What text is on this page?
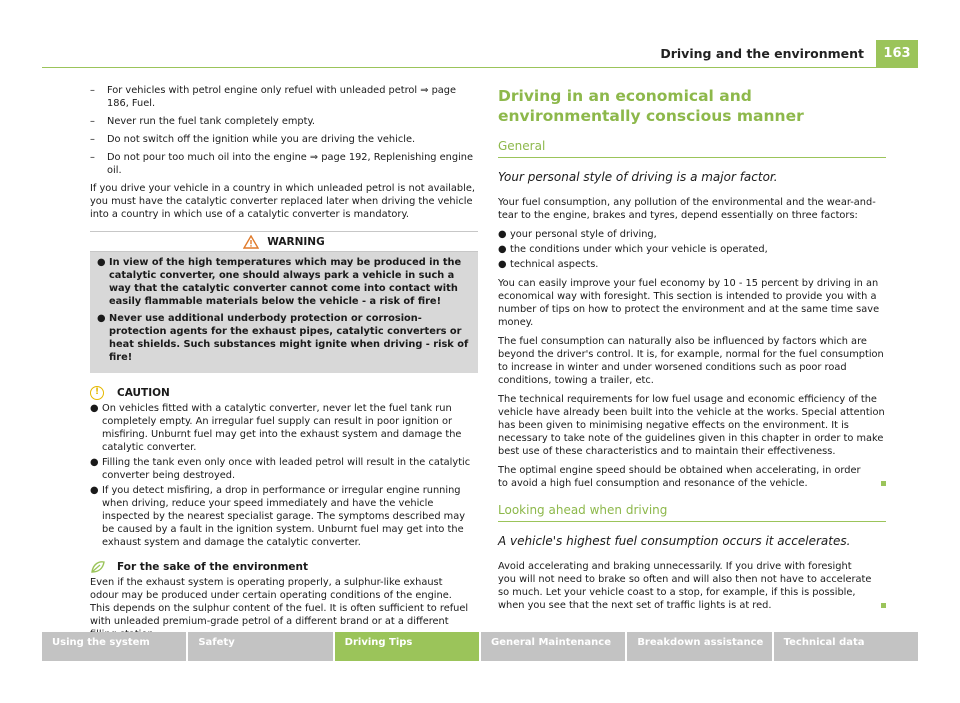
Driving and the environment	163
– For vehicles with petrol engine only refuel with unleaded petrol ⇒ page 186, Fuel.
– Never run the fuel tank completely empty.
– Do not switch off the ignition while you are driving the vehicle.
– Do not pour too much oil into the engine ⇒ page 192, Replenishing engine oil.

If you drive your vehicle in a country in which unleaded petrol is not available, you must have the catalytic converter replaced later when driving the vehicle into a country in which use of a catalytic converter is mandatory.

WARNING
● In view of the high temperatures which may be produced in the catalytic converter, one should always park a vehicle in such a way that the catalytic converter cannot come into contact with easily flammable materials below the vehicle - a risk of fire!
● Never use additional underbody protection or corrosion-protection agents for the exhaust pipes, catalytic converters or heat shields. Such substances might ignite when driving - risk of fire!
!	CAUTION
● On vehicles fitted with a catalytic converter, never let the fuel tank run completely empty. An irregular fuel supply can result in poor ignition or misfiring. Unburnt fuel may get into the exhaust system and damage the catalytic converter.
● Filling the tank even only once with leaded petrol will result in the catalytic converter being destroyed.
● If you detect misfiring, a drop in performance or irregular engine running when driving, reduce your speed immediately and have the vehicle inspected by the nearest specialist garage. The symptoms described may be caused by a fault in the ignition system. Unburnt fuel may get into the exhaust system and damage the catalytic converter.
For the sake of the environment

Even if the exhaust system is operating properly, a sulphur-like exhaust odour may be produced under certain operating conditions of the engine. This depends on the sulphur content of the fuel. It is often sufficient to refuel with unleaded premium-grade petrol of a different brand or at a different

Driving in an economical and environmentally conscious manner
General
Your personal style of driving is a major factor.

Your fuel consumption, any pollution of the environmental and the wear-and-tear to the engine, brakes and tyres, depend essentially on three factors:

● your personal style of driving,
● the conditions under which your vehicle is operated,
● technical aspects.

You can easily improve your fuel economy by 10 - 15 percent by driving in an economical way with foresight. This section is intended to provide you with a number of tips on how to protect the environment and at the same time save money.

The fuel consumption can naturally also be influenced by factors which are beyond the driver's control. It is, for example, normal for the fuel consumption to increase in winter and under worsened conditions such as poor road conditions, towing a trailer, etc.

The technical requirements for low fuel usage and economic efficiency of the vehicle have already been built into the vehicle at the works. Special attention has been given to minimising negative effects on the environment. It is necessary to take note of the guidelines given in this chapter in order to make best use of these characteristics and to maintain their effectiveness.

The optimal engine speed should be obtained when accelerating, in order to avoid a high fuel consumption and resonance of the vehicle.

Looking ahead when driving
A vehicle's highest fuel consumption occurs it accelerates.

Avoid accelerating and braking unnecessarily. If you drive with foresight you will not need to brake so often and will also then not have to accelerate so much. Let your vehicle coast to a stop, for example, if this is possible, when you see that the next set of traffic lights is at red.

Using the system	Safety	Driving Tips	General Maintenance	Breakdown assistance	Technical data
